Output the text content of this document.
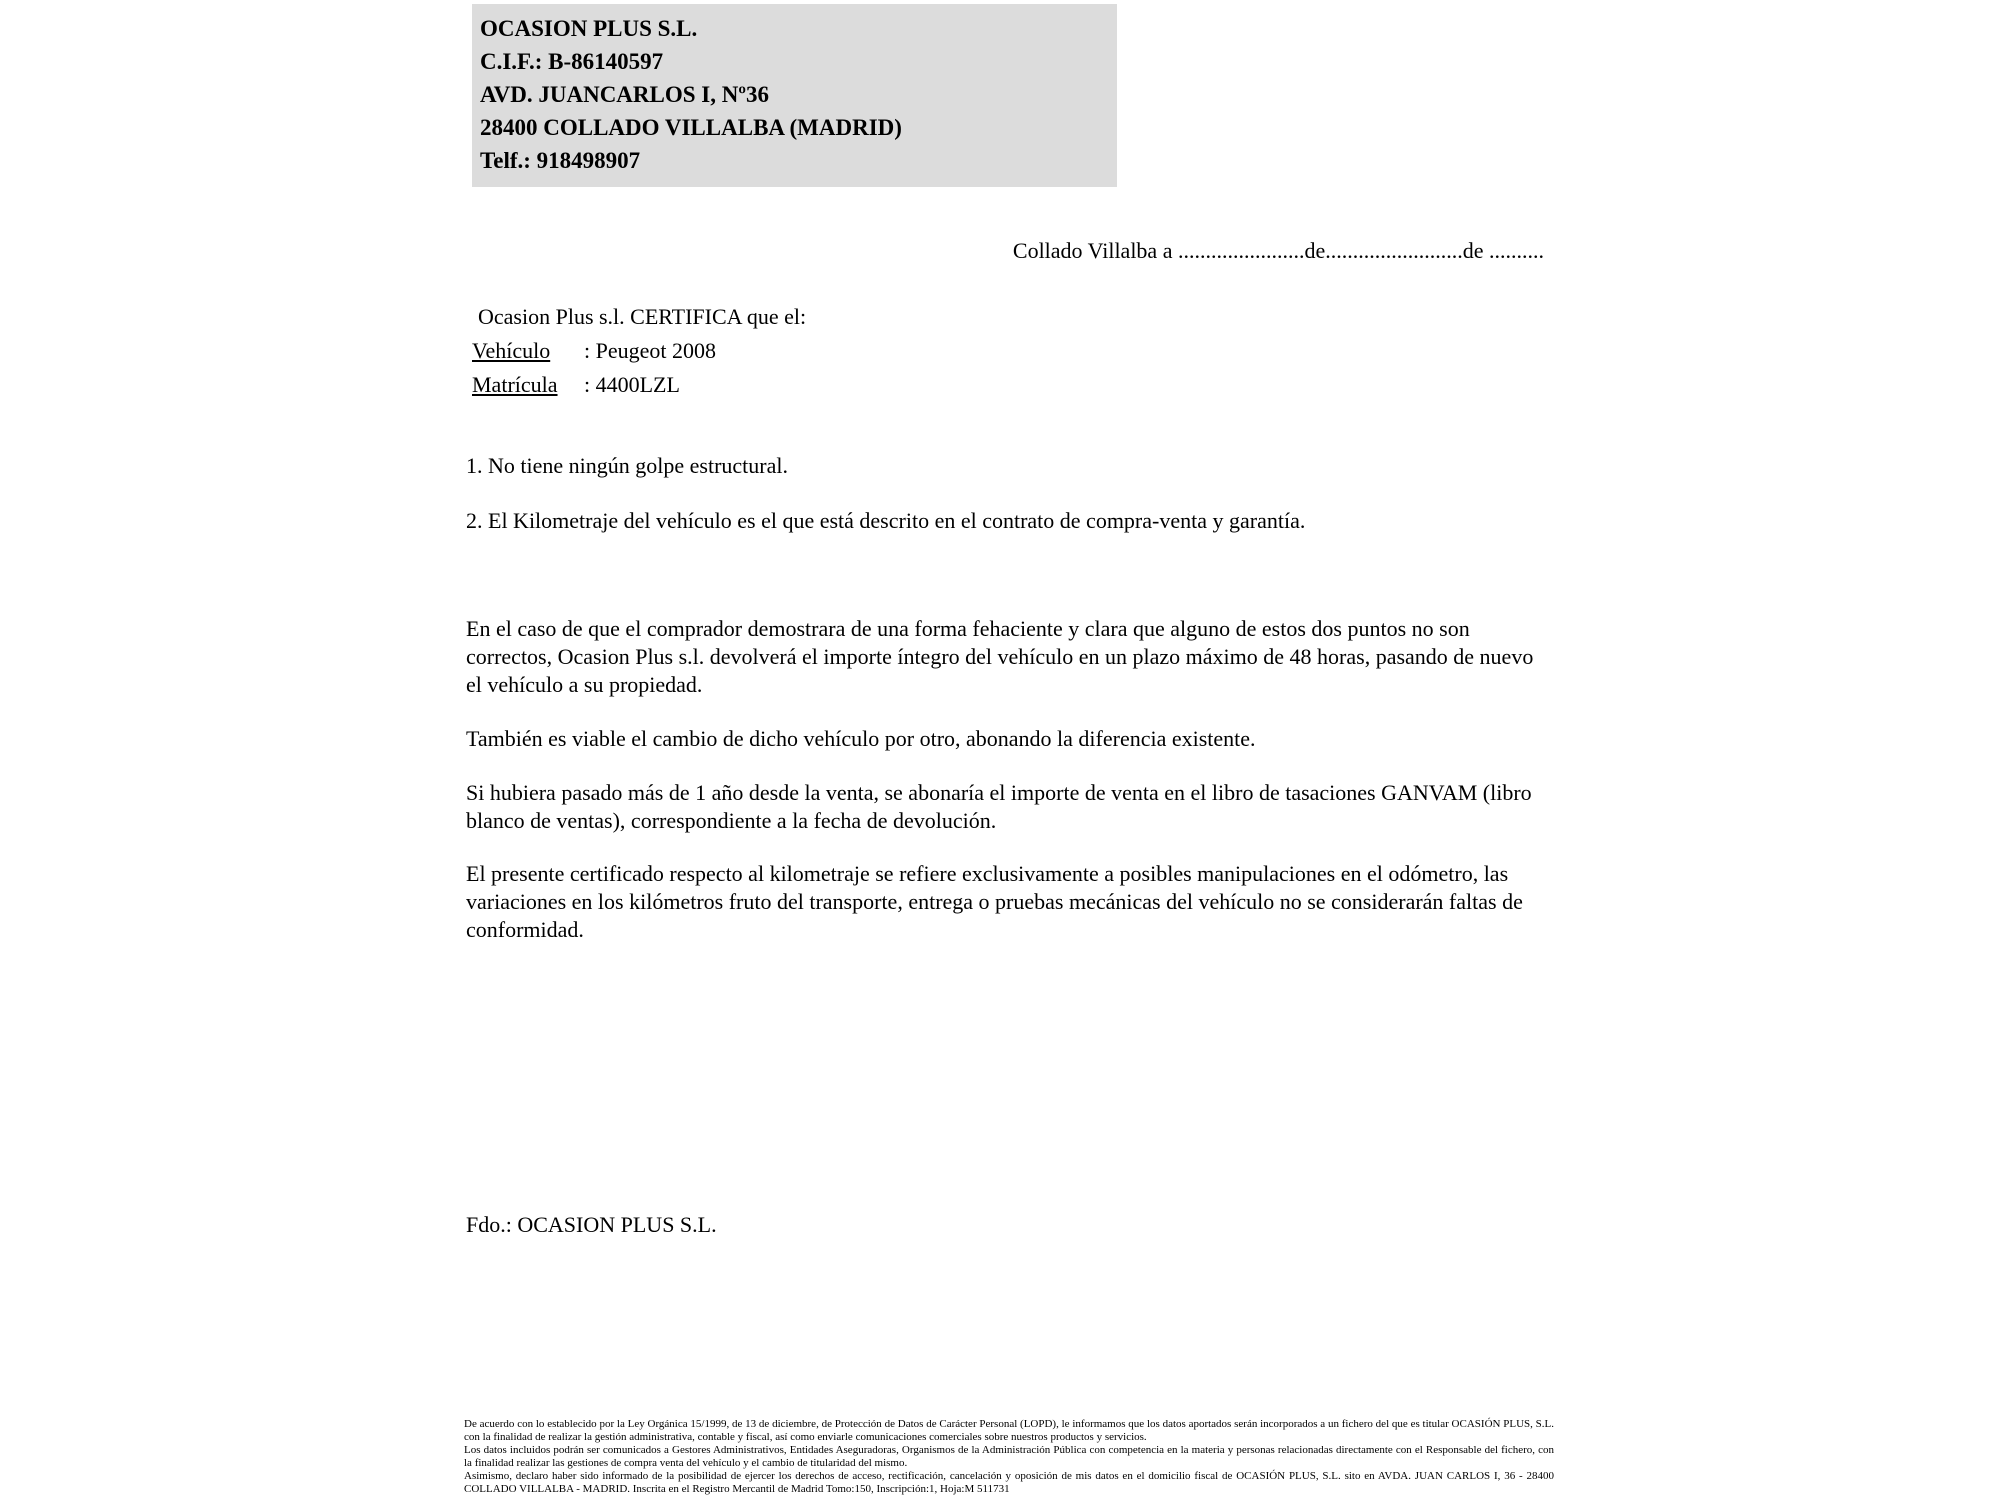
OCASION PLUS S.L.
C.I.F.: B-86140597
AVD. JUANCARLOS I, Nº36
28400 COLLADO VILLALBA (MADRID)
Telf.: 918498907
Collado Villalba a .......................de.........................de ..........
Ocasion Plus s.l. CERTIFICA que el:
Vehículo : Peugeot 2008
Matrícula : 4400LZL
1. No tiene ningún golpe estructural.
2. El Kilometraje del vehículo es el que está descrito en el contrato de compra-venta y garantía.
En el caso de que el comprador demostrara de una forma fehaciente y clara que alguno de estos dos puntos no son correctos, Ocasion Plus s.l. devolverá el importe íntegro del vehículo en un plazo máximo de 48 horas, pasando de nuevo el vehículo a su propiedad.
También es viable el cambio de dicho vehículo por otro, abonando la diferencia existente.
Si hubiera pasado más de 1 año desde la venta, se abonaría el importe de venta en el libro de tasaciones GANVAM (libro blanco de ventas), correspondiente a la fecha de devolución.
El presente certificado respecto al kilometraje se refiere exclusivamente a posibles manipulaciones en el odómetro, las variaciones en los kilómetros fruto del transporte, entrega o pruebas mecánicas del vehículo no se considerarán faltas de conformidad.
Fdo.: OCASION PLUS S.L.
De acuerdo con lo establecido por la Ley Orgánica 15/1999, de 13 de diciembre, de Protección de Datos de Carácter Personal (LOPD), le informamos que los datos aportados serán incorporados a un fichero del que es titular OCASIÓN PLUS, S.L. con la finalidad de realizar la gestión administrativa, contable y fiscal, así como enviarle comunicaciones comerciales sobre nuestros productos y servicios.
Los datos incluidos podrán ser comunicados a Gestores Administrativos, Entidades Aseguradoras, Organismos de la Administración Pública con competencia en la materia y personas relacionadas directamente con el Responsable del fichero, con la finalidad realizar las gestiones de compra venta del vehículo y el cambio de titularidad del mismo.
Asimismo, declaro haber sido informado de la posibilidad de ejercer los derechos de acceso, rectificación, cancelación y oposición de mis datos en el domicilio fiscal de OCASIÓN PLUS, S.L. sito en AVDA. JUAN CARLOS I, 36 - 28400 COLLADO VILLALBA - MADRID. Inscrita en el Registro Mercantil de Madrid Tomo:150, Inscripción:1, Hoja:M 511731
